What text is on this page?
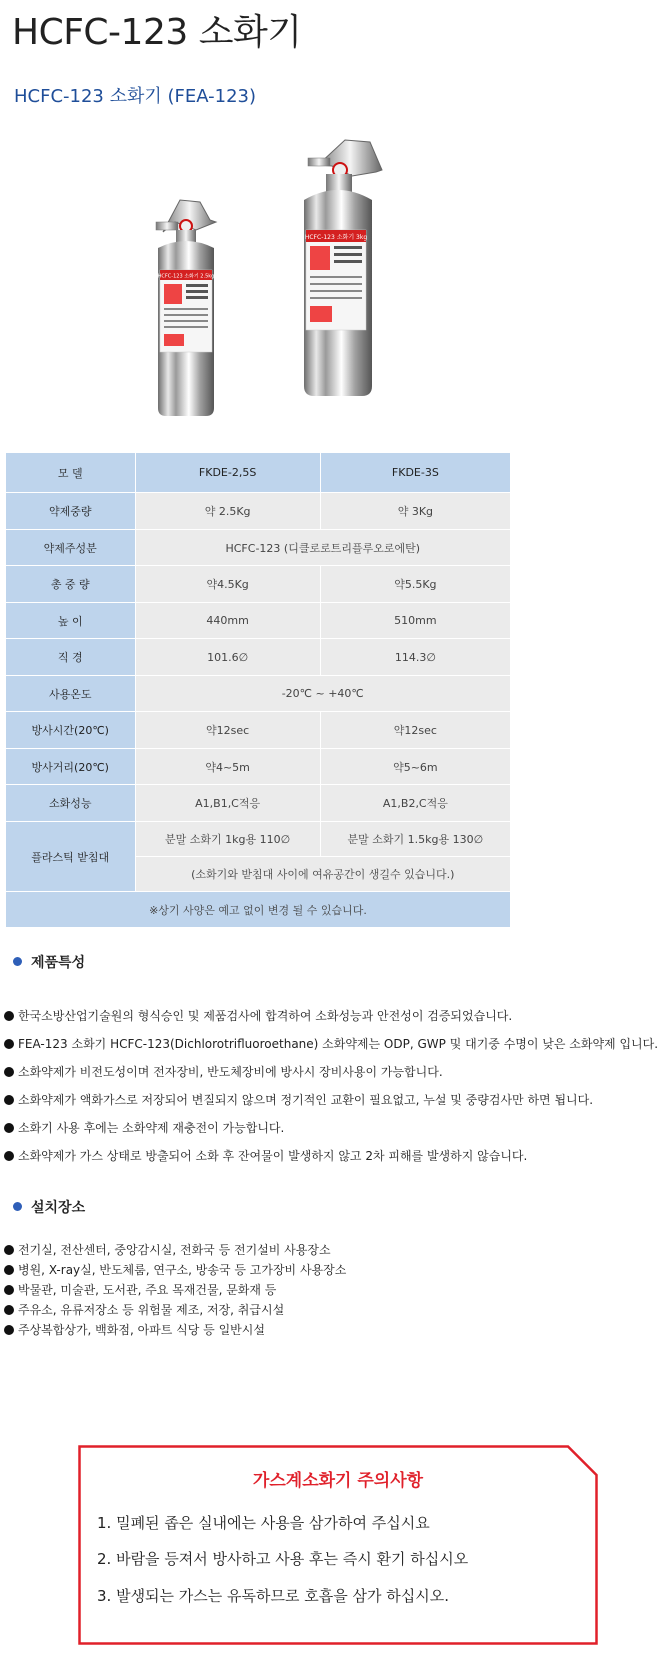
HCFC-123 소화기
HCFC-123 소화기 (FEA-123)
HCFC-123 소화기 2.5kg
HCFC-123 소화기 3kg
모 델	FKDE-2,5S	FKDE-3S
약제중량	약 2.5Kg	약 3Kg
약제주성분	HCFC-123 (디클로로트리플루오로에탄)	
총 중 량	약4.5Kg	약5.5Kg
높 이	440mm	510mm
직 경	101.6∅	114.3∅
사용온도	-20℃ ~ +40℃	
방사시간(20℃)	약12sec	약12sec
방사거리(20℃)	약4~5m	약5~6m
소화성능	A1,B1,C적응	A1,B2,C적응
플라스틱 받침대	분말 소화기 1kg용 110∅	분말 소화기 1.5kg용 130∅
	(소화기와 받침대 사이에 여유공간이 생길수 있습니다.)	
※상기 사양은 예고 없이 변경 될 수 있습니다.		
제품특성
한국소방산업기술원의 형식승인 및 제품검사에 합격하여 소화성능과 안전성이 검증되었습니다.
FEA-123 소화기 HCFC-123(Dichlorotrifluoroethane) 소화약제는 ODP, GWP 및 대기중 수명이 낮은 소화약제 입니다.
소화약제가 비전도성이며 전자장비, 반도체장비에 방사시 장비사용이 가능합니다.
소화약제가 액화가스로 저장되어 변질되지 않으며 정기적인 교환이 필요없고, 누설 및 중량검사만 하면 됩니다.
소화기 사용 후에는 소화약제 재충전이 가능합니다.
소화약제가 가스 상태로 방출되어 소화 후 잔여물이 발생하지 않고 2차 피해를 발생하지 않습니다.
설치장소
전기실, 전산센터, 중앙감시실, 전화국 등 전기설비 사용장소
병원, X-ray실, 반도체룸, 연구소, 방송국 등 고가장비 사용장소
박물관, 미술관, 도서관, 주요 목재건물, 문화재 등
주유소, 유류저장소 등 위험물 제조, 저장, 취급시설
주상복합상가, 백화점, 아파트 식당 등 일반시설
가스계소화기 주의사항
1. 밀폐된 좁은 실내에는 사용을 삼가하여 주십시요
2. 바람을 등져서 방사하고 사용 후는 즉시 환기 하십시오
3. 발생되는 가스는 유독하므로 호흡을 삼가 하십시오.
